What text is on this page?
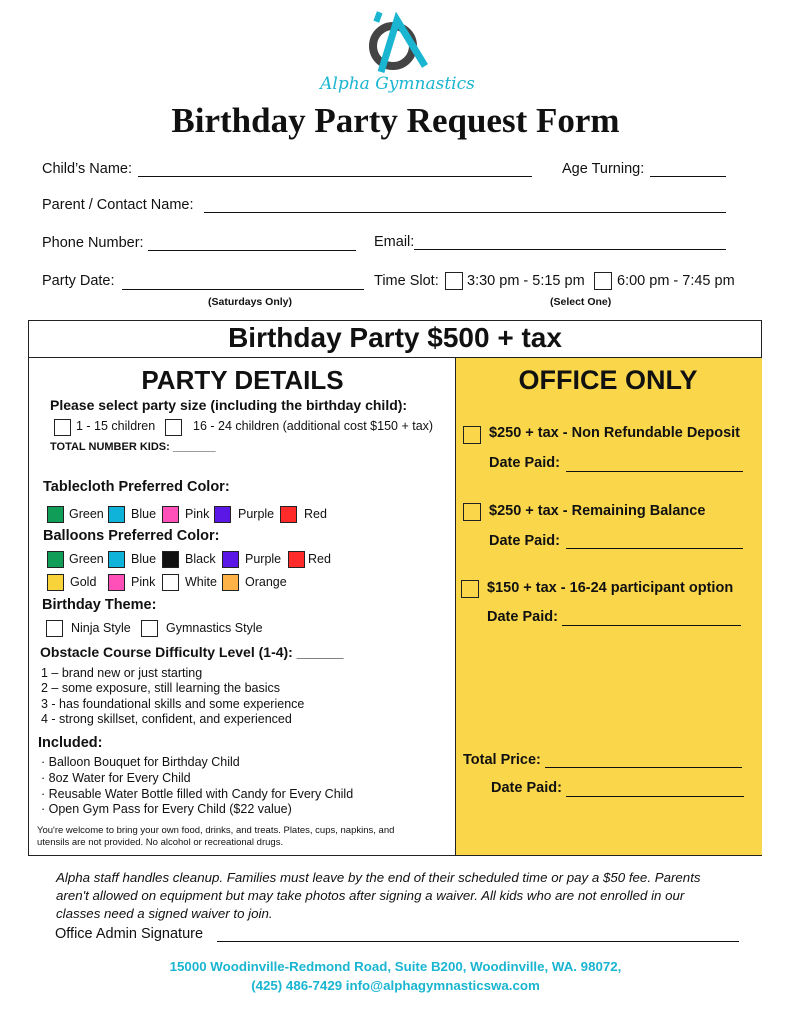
Alpha Gymnastics
Birthday Party Request Form
Child’s Name:	Age Turning:
Parent / Contact Name:
Phone Number:	Email:
Party Date:
(Saturdays Only)
Time Slot: 3:30 pm - 5:15 pm 6:00 pm - 7:45 pm
(Select One)
Birthday Party $500 + tax
OFFICE ONLY
$250 + tax - Non Refundable Deposit
Date Paid:
$250 + tax - Remaining Balance
Date Paid:
$150 + tax - 16-24 participant option
Date Paid:
Total Price:
Date Paid:
PARTY DETAILS
Please select party size (including the birthday child):
1 - 15 children	16 - 24 children (additional cost $150 + tax)
TOTAL NUMBER KIDS: _______
Tablecloth Preferred Color:
Green Blue Pink Purple Red
Balloons Preferred Color:
Green Blue Black Purple Red
Gold	Pink White Orange
Birthday Theme:
Ninja Style	Gymnastics Style
Obstacle Course Difficulty Level (1-4): ______
1 – brand new or just starting
2 – some exposure, still learning the basics
3 - has foundational skills and some experience
4 - strong skillset, confident, and experienced
Included:
· Balloon Bouquet for Birthday Child
· 8oz Water for Every Child
· Reusable Water Bottle filled with Candy for Every Child
· Open Gym Pass for Every Child ($22 value)
You're welcome to bring your own food, drinks, and treats. Plates, cups, napkins, and
utensils are not provided. No alcohol or recreational drugs.
Alpha staff handles cleanup. Families must leave by the end of their scheduled time or pay a $50 fee. Parents
aren't allowed on equipment but may take photos after signing a waiver. All kids who are not enrolled in our
classes need a signed waiver to join.
Office Admin Signature
15000 Woodinville-Redmond Road, Suite B200, Woodinville, WA. 98072,
(425) 486-7429 info@alphagymnasticswa.com
